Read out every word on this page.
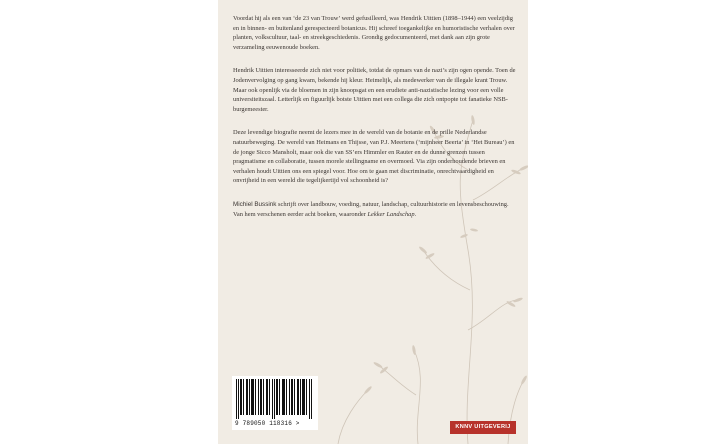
Voordat hij als een van ‘de 23 van Trouw’ werd gefusilleerd, was Hendrik Uittien (1898–1944) een veelzijdig en in binnen- en buitenland gerespecteerd botanicus. Hij schreef toegankelijke en humoristische verhalen over planten, volkscultuur, taal- en streekgeschiedenis. Grondig gedocumenteerd, met dank aan zijn grote verzameling eeuwenoude boeken.

Hendrik Uittien interesseerde zich niet voor politiek, totdat de opmars van de nazi’s zijn ogen opende. Toen de Jodenvervolging op gang kwam, bekende hij kleur. Heimelijk, als medewerker van de illegale krant Trouw. Maar ook openlijk via de bloemen in zijn knoopsgat en een erudiete anti-nazistische lezing voor een volle universiteitszaal. Letterlijk en figuurlijk botste Uittien met een collega die zich ontpopte tot fanatieke NSB-burgemeester.

Deze levendige biografie neemt de lezers mee in de wereld van de botanie en de prille Nederlandse natuurbeweging. De wereld van Heimans en Thijsse, van P.J. Meertens (‘mijnheer Beerta’ in ‘Het Bureau’) en de jonge Sicco Mansholt, maar ook die van SS’ers Himmler en Rauter en de dunne grenzen tussen pragmatisme en collaboratie, tussen morele stellingname en overmoed. Via zijn onderhoudende brieven en verhalen houdt Uittien ons een spiegel voor. Hoe om te gaan met discriminatie, onrechtvaardigheid en onvrijheid in een wereld die tegelijkertijd vol schoonheid is?

Michiel Bussink schrijft over landbouw, voeding, natuur, landschap, cultuurhistorie en levensbeschouwing. Van hem verschenen eerder acht boeken, waaronder Lekker Landschap.

9 789050 118316 >	KNNV UITGEVERIJ
